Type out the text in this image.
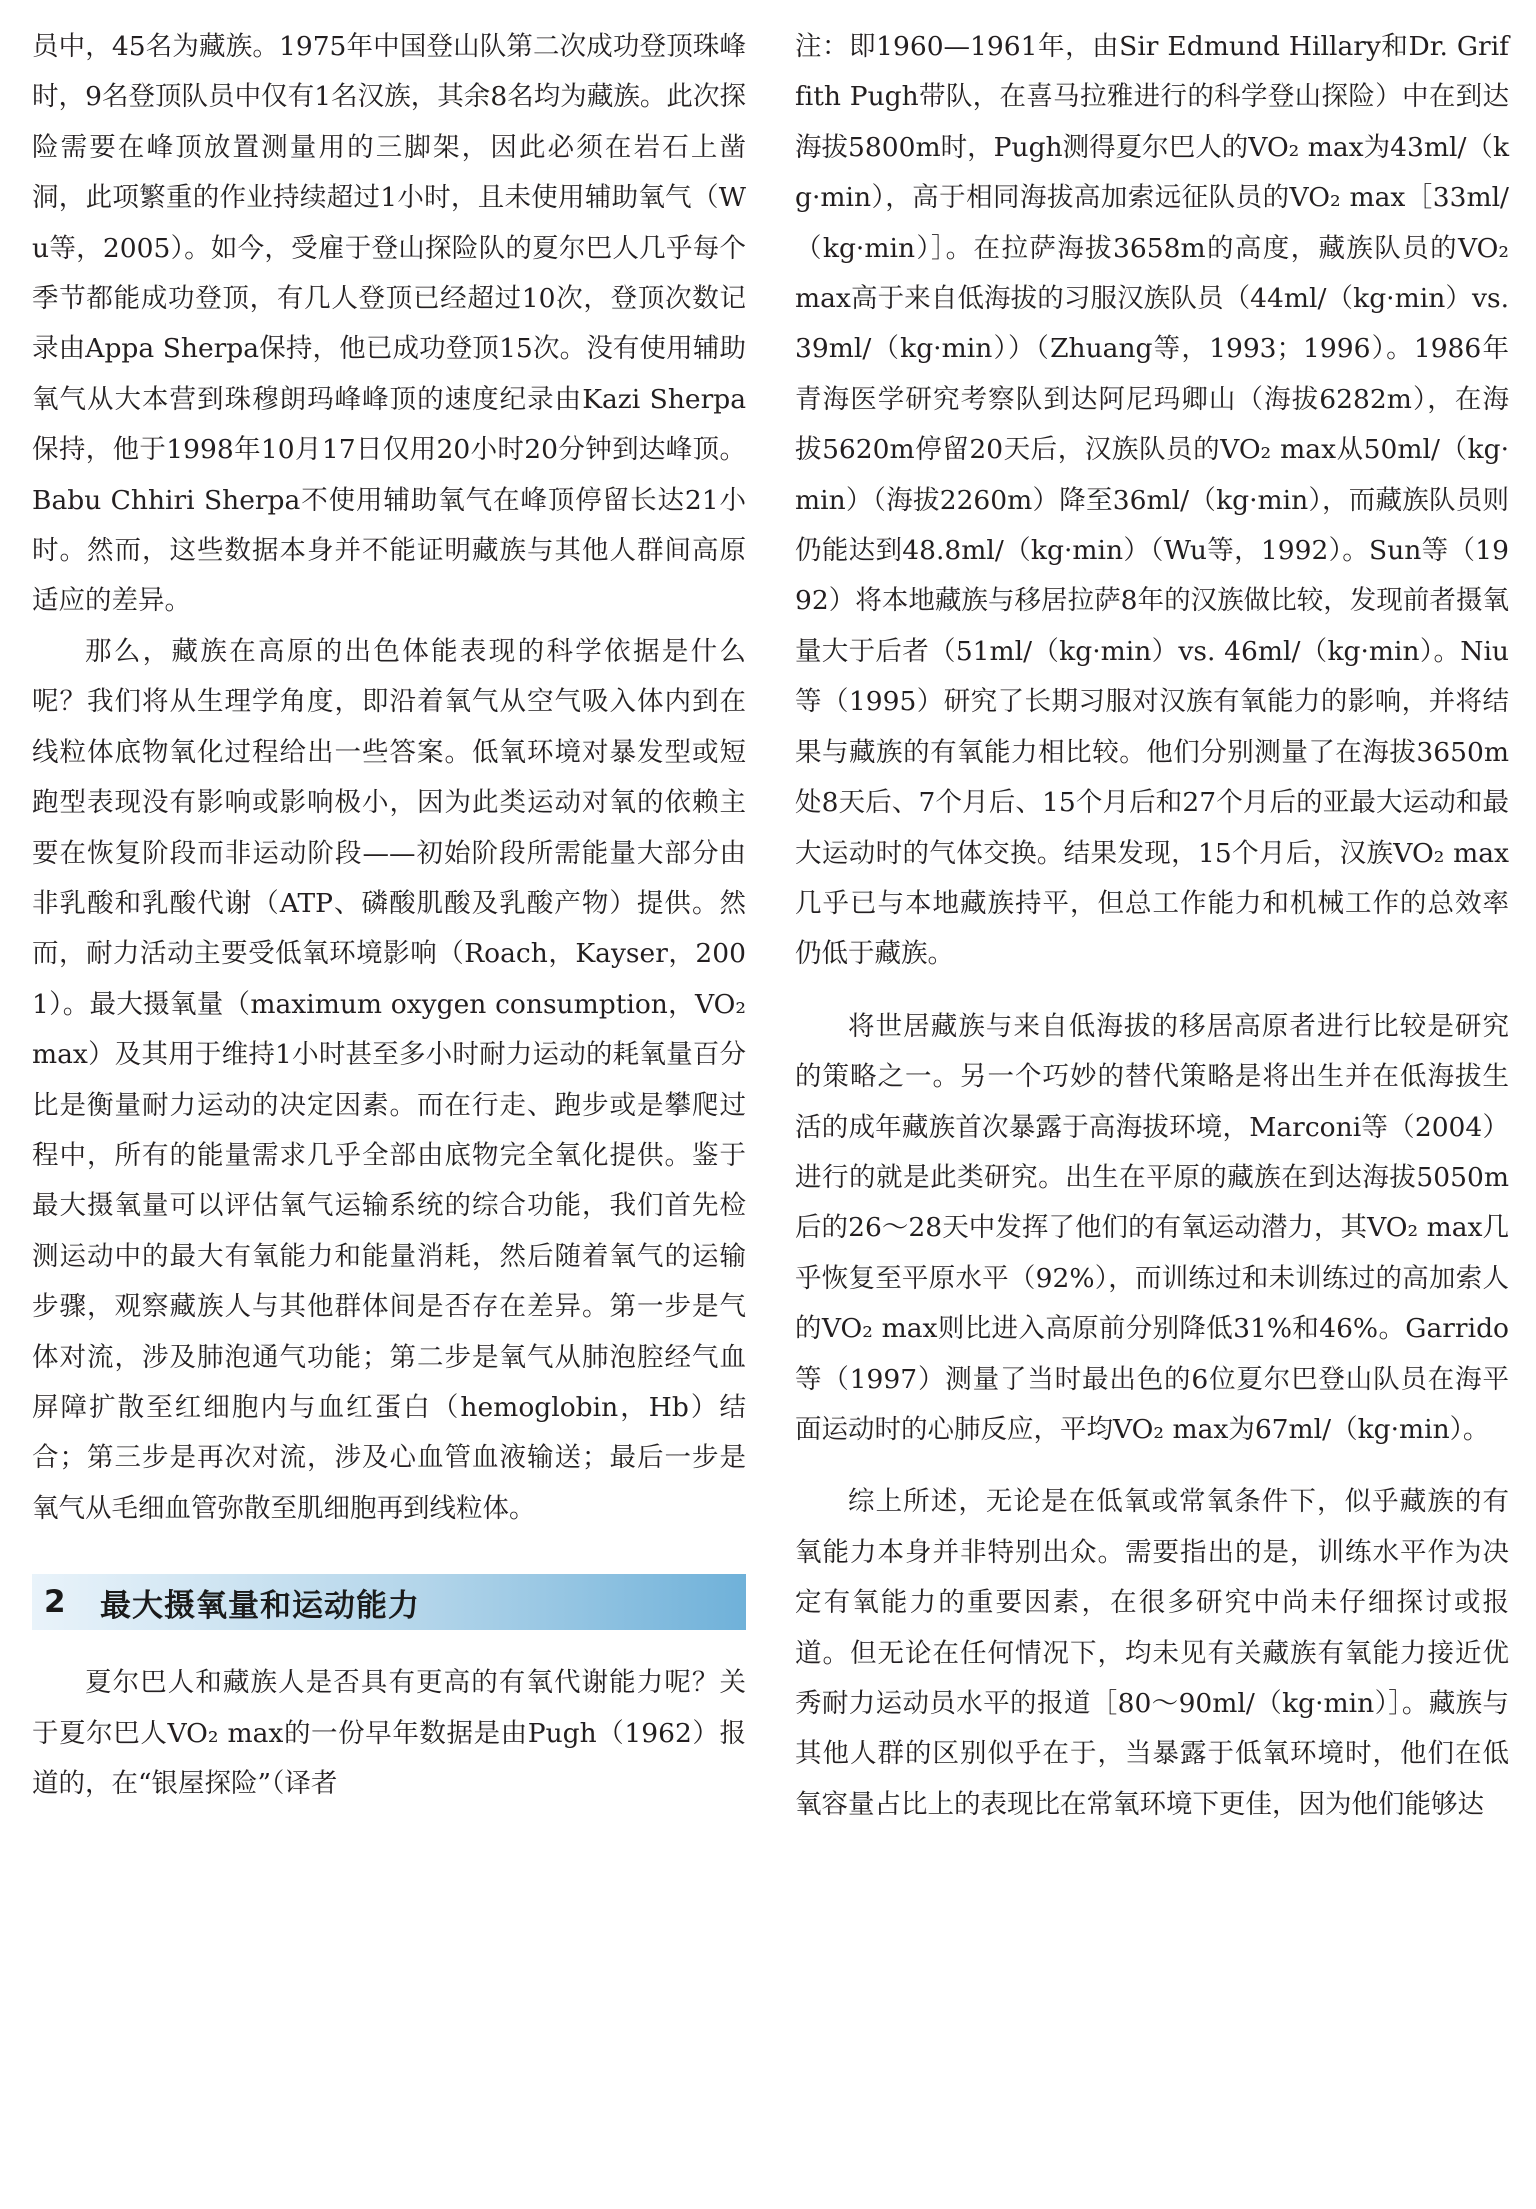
员中，45名为藏族。1975年中国登山队第二次成功登顶珠峰时，9名登顶队员中仅有1名汉族，其余8名均为藏族。此次探险需要在峰顶放置测量用的三脚架，因此必须在岩石上凿洞，此项繁重的作业持续超过1小时，且未使用辅助氧气（Wu等，2005）。如今，受雇于登山探险队的夏尔巴人几乎每个季节都能成功登顶，有几人登顶已经超过10次，登顶次数记录由Appa Sherpa保持，他已成功登顶15次。没有使用辅助氧气从大本营到珠穆朗玛峰峰顶的速度纪录由Kazi Sherpa保持，他于1998年10月17日仅用20小时20分钟到达峰顶。Babu Chhiri Sherpa不使用辅助氧气在峰顶停留长达21小时。然而，这些数据本身并不能证明藏族与其他人群间高原适应的差异。

那么，藏族在高原的出色体能表现的科学依据是什么呢？我们将从生理学角度，即沿着氧气从空气吸入体内到在线粒体底物氧化过程给出一些答案。低氧环境对暴发型或短跑型表现没有影响或影响极小，因为此类运动对氧的依赖主要在恢复阶段而非运动阶段——初始阶段所需能量大部分由非乳酸和乳酸代谢（ATP、磷酸肌酸及乳酸产物）提供。然而，耐力活动主要受低氧环境影响（Roach，Kayser，2001）。最大摄氧量（maximum oxygen consumption，VO₂ max）及其用于维持1小时甚至多小时耐力运动的耗氧量百分比是衡量耐力运动的决定因素。而在行走、跑步或是攀爬过程中，所有的能量需求几乎全部由底物完全氧化提供。鉴于最大摄氧量可以评估氧气运输系统的综合功能，我们首先检测运动中的最大有氧能力和能量消耗，然后随着氧气的运输步骤，观察藏族人与其他群体间是否存在差异。第一步是气体对流，涉及肺泡通气功能；第二步是氧气从肺泡腔经气血屏障扩散至红细胞内与血红蛋白（hemoglobin，Hb）结合；第三步是再次对流，涉及心血管血液输送；最后一步是氧气从毛细血管弥散至肌细胞再到线粒体。

2	最大摄氧量和运动能力

夏尔巴人和藏族人是否具有更高的有氧代谢能力呢？关于夏尔巴人VO₂ max的一份早年数据是由Pugh（1962）报道的，在“银屋探险”（译者

注：即1960—1961年，由Sir Edmund Hillary和Dr. Griffith Pugh带队，在喜马拉雅进行的科学登山探险）中在到达海拔5800m时，Pugh测得夏尔巴人的VO₂ max为43ml/（kg·min），高于相同海拔高加索远征队员的VO₂ max［33ml/（kg·min）］。在拉萨海拔3658m的高度，藏族队员的VO₂ max高于来自低海拔的习服汉族队员（44ml/（kg·min）vs.39ml/（kg·min））（Zhuang等，1993；1996）。1986年青海医学研究考察队到达阿尼玛卿山（海拔6282m），在海拔5620m停留20天后，汉族队员的VO₂ max从50ml/（kg·min）（海拔2260m）降至36ml/（kg·min），而藏族队员则仍能达到48.8ml/（kg·min）（Wu等，1992）。Sun等（1992）将本地藏族与移居拉萨8年的汉族做比较，发现前者摄氧量大于后者（51ml/（kg·min）vs. 46ml/（kg·min）。Niu等（1995）研究了长期习服对汉族有氧能力的影响，并将结果与藏族的有氧能力相比较。他们分别测量了在海拔3650m处8天后、7个月后、15个月后和27个月后的亚最大运动和最大运动时的气体交换。结果发现，15个月后，汉族VO₂ max几乎已与本地藏族持平，但总工作能力和机械工作的总效率仍低于藏族。

将世居藏族与来自低海拔的移居高原者进行比较是研究的策略之一。另一个巧妙的替代策略是将出生并在低海拔生活的成年藏族首次暴露于高海拔环境，Marconi等（2004）进行的就是此类研究。出生在平原的藏族在到达海拔5050m后的26～28天中发挥了他们的有氧运动潜力，其VO₂ max几乎恢复至平原水平（92%），而训练过和未训练过的高加索人的VO₂ max则比进入高原前分别降低31%和46%。Garrido等（1997）测量了当时最出色的6位夏尔巴登山队员在海平面运动时的心肺反应，平均VO₂ max为67ml/（kg·min）。

综上所述，无论是在低氧或常氧条件下，似乎藏族的有氧能力本身并非特别出众。需要指出的是，训练水平作为决定有氧能力的重要因素，在很多研究中尚未仔细探讨或报道。但无论在任何情况下，均未见有关藏族有氧能力接近优秀耐力运动员水平的报道［80～90ml/（kg·min）］。藏族与其他人群的区别似乎在于，当暴露于低氧环境时，他们在低氧容量占比上的表现比在常氧环境下更佳，因为他们能够达
